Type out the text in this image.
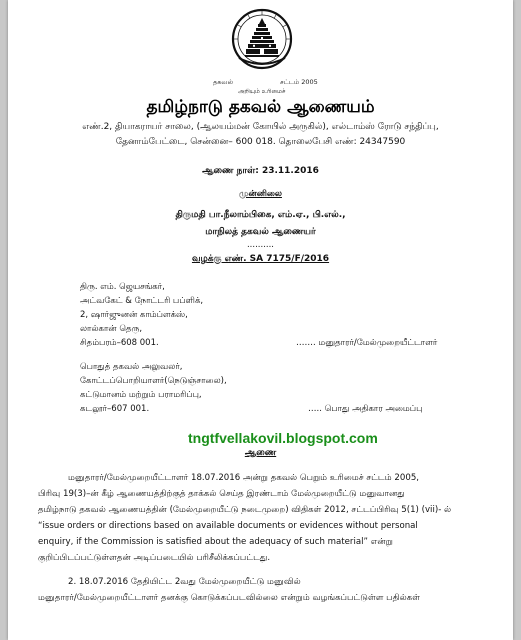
தகவல்	சட்டம் 2005
அறியும் உரிமைச்
தமிழ்நாடு தகவல் ஆணையம்
எண்.2, தியாகராயர் சாலை, (ஆலயம்மன் கோயில் அருகில்), எல்டாம்ஸ் ரோடு சந்திப்பு,
தேனாம்பேட்டை, சென்னை– 600 018. தொலைபேசி எண்: 24347590
ஆணை நாள்: 23.11.2016
முன்னிலை
திருமதி பா.நீலாம்பிகை, எம்.ஏ., பி.எல்.,
மாநிலத் தகவல் ஆணையர்
..........
வழக்கு எண். SA 7175/F/2016
திரு. எம். ஜெயசங்கர்,
அட்வகேட் & நோட்டரி பப்ளிக்,
2, ஷார்ஜுனன் காம்ப்ளக்ஸ்,
லால்கான் தெரு,
சிதம்பரம்–608 001.	……. மனுதாரர்/மேல்முறையீட்டாளர்
பொதுத் தகவல் அலுவலர்,
கோட்டப்பொறியாளர்(நெடுஞ்சாலை),
கட்டுமானம் மற்றும் பராமரிப்பு,
கடலூர்–607 001.	….. பொது அதிகார அமைப்பு
tngtfvellakovil.blogspot.com
ஆணை
மனுதாரர்/மேல்முறையீட்டாளர் 18.07.2016 அன்று தகவல் பெறும் உரிமைச் சட்டம் 2005,
பிரிவு 19(3)–ன் கீழ் ஆணையத்திற்குத் தாக்கல் செய்த இரண்டாம் மேல்முறையீட்டு மனுவானது
தமிழ்நாடு தகவல் ஆணையத்தின் (மேல்முறையீட்டு நடைமுறை) விதிகள் 2012, சட்டப்பிரிவு 5(1) (vii)- ல்
“issue orders or directions based on available documents or evidences without personal
enquiry, if the Commission is satisfied about the adequacy of such material” என்று
குறிப்பிடப்பட்டுள்ளதன் அடிப்படையில் பரிசீலிக்கப்பட்டது.
2. 18.07.2016 தேதியிட்ட 2வது மேல்முறையீட்டு மனுவில்
மனுதாரர்/மேல்முறையீட்டாளர் தனக்கு கொடுக்கப்படவில்லை என்றும் வழங்கப்பட்டுள்ள பதில்கள்
